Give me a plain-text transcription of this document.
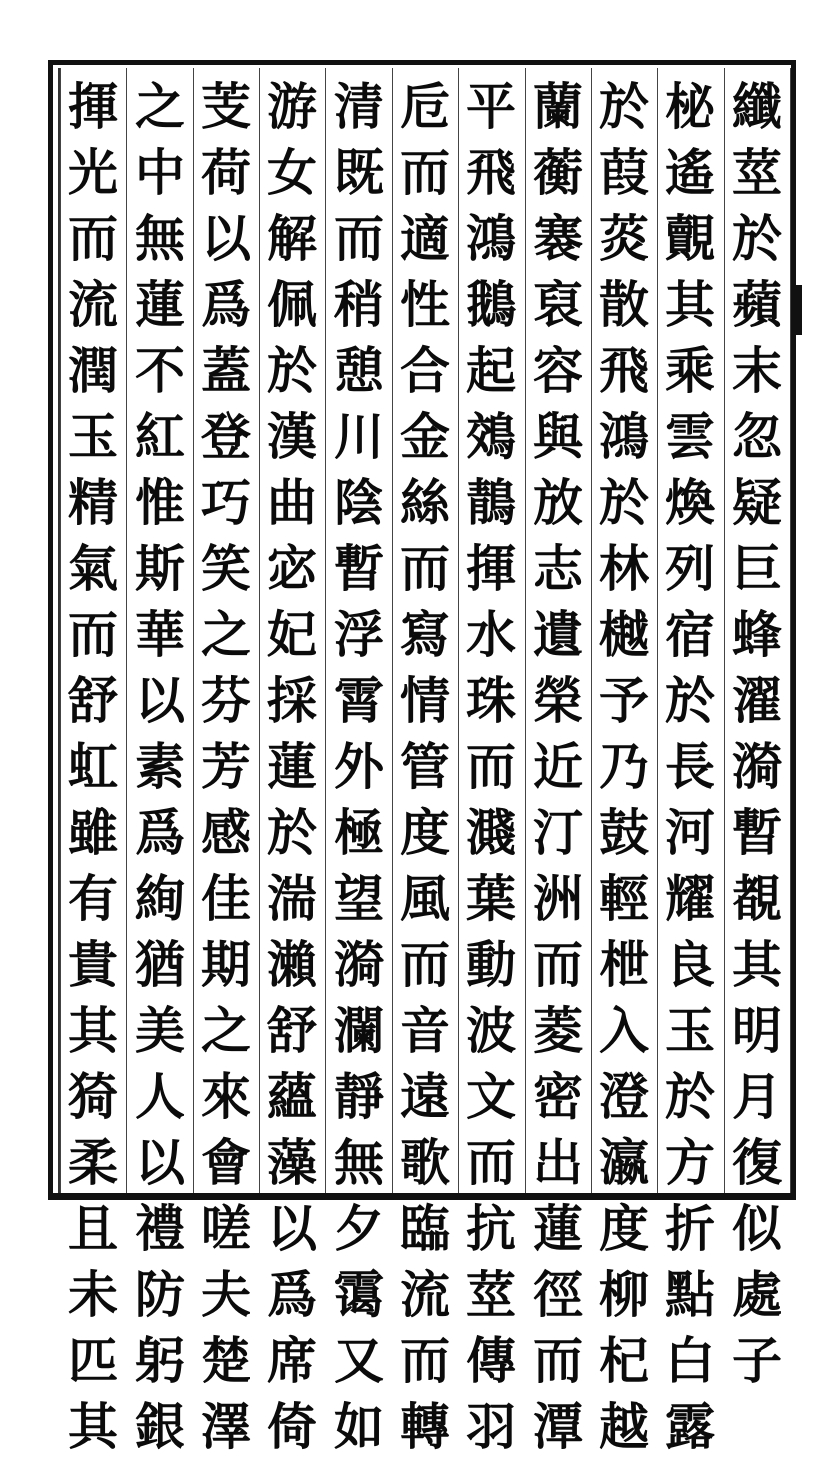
纖
莖
於
蘋
末
忽
疑
巨
蜂
濯
漪
暫
覩
其
明
月
復
似
處
子
柲
遙
覿
其
乘
雲
煥
列
宿
於
長
河
耀
良
玉
於
方
折
點
白
露
於
葭
菼
散
飛
鴻
於
林
樾
予
乃
鼓
輕
枻
入
澄
瀛
度
柳
杞
越
蘭
蘅
褰
裒
容
與
放
志
遺
榮
近
汀
洲
而
菱
密
出
蓮
徑
而
潭
平
飛
鴻
鵝
起
鵁
鶄
揮
水
珠
而
濺
葉
動
波
文
而
抗
莖
傳
羽
卮
而
適
性
合
金
絲
而
寫
情
管
度
風
而
音
遠
歌
臨
流
而
轉
清
既
而
稍
憩
川
陰
暫
浮
霄
外
極
望
漪
瀾
靜
無
夕
霭
又
如
游
女
解
佩
於
漢
曲
宓
妃
採
蓮
於
湍
瀨
舒
蘊
藻
以
爲
席
倚
芰
荷
以
爲
蓋
登
巧
笑
之
芬
芳
感
佳
期
之
來
會
嗟
夫
楚
澤
之
中
無
蓮
不
紅
惟
斯
華
以
素
爲
絢
猶
美
人
以
禮
防
躬
銀
揮
光
而
流
潤
玉
精
氣
而
舒
虹
雖
有
貴
其
猗
柔
且
未
匹
其
